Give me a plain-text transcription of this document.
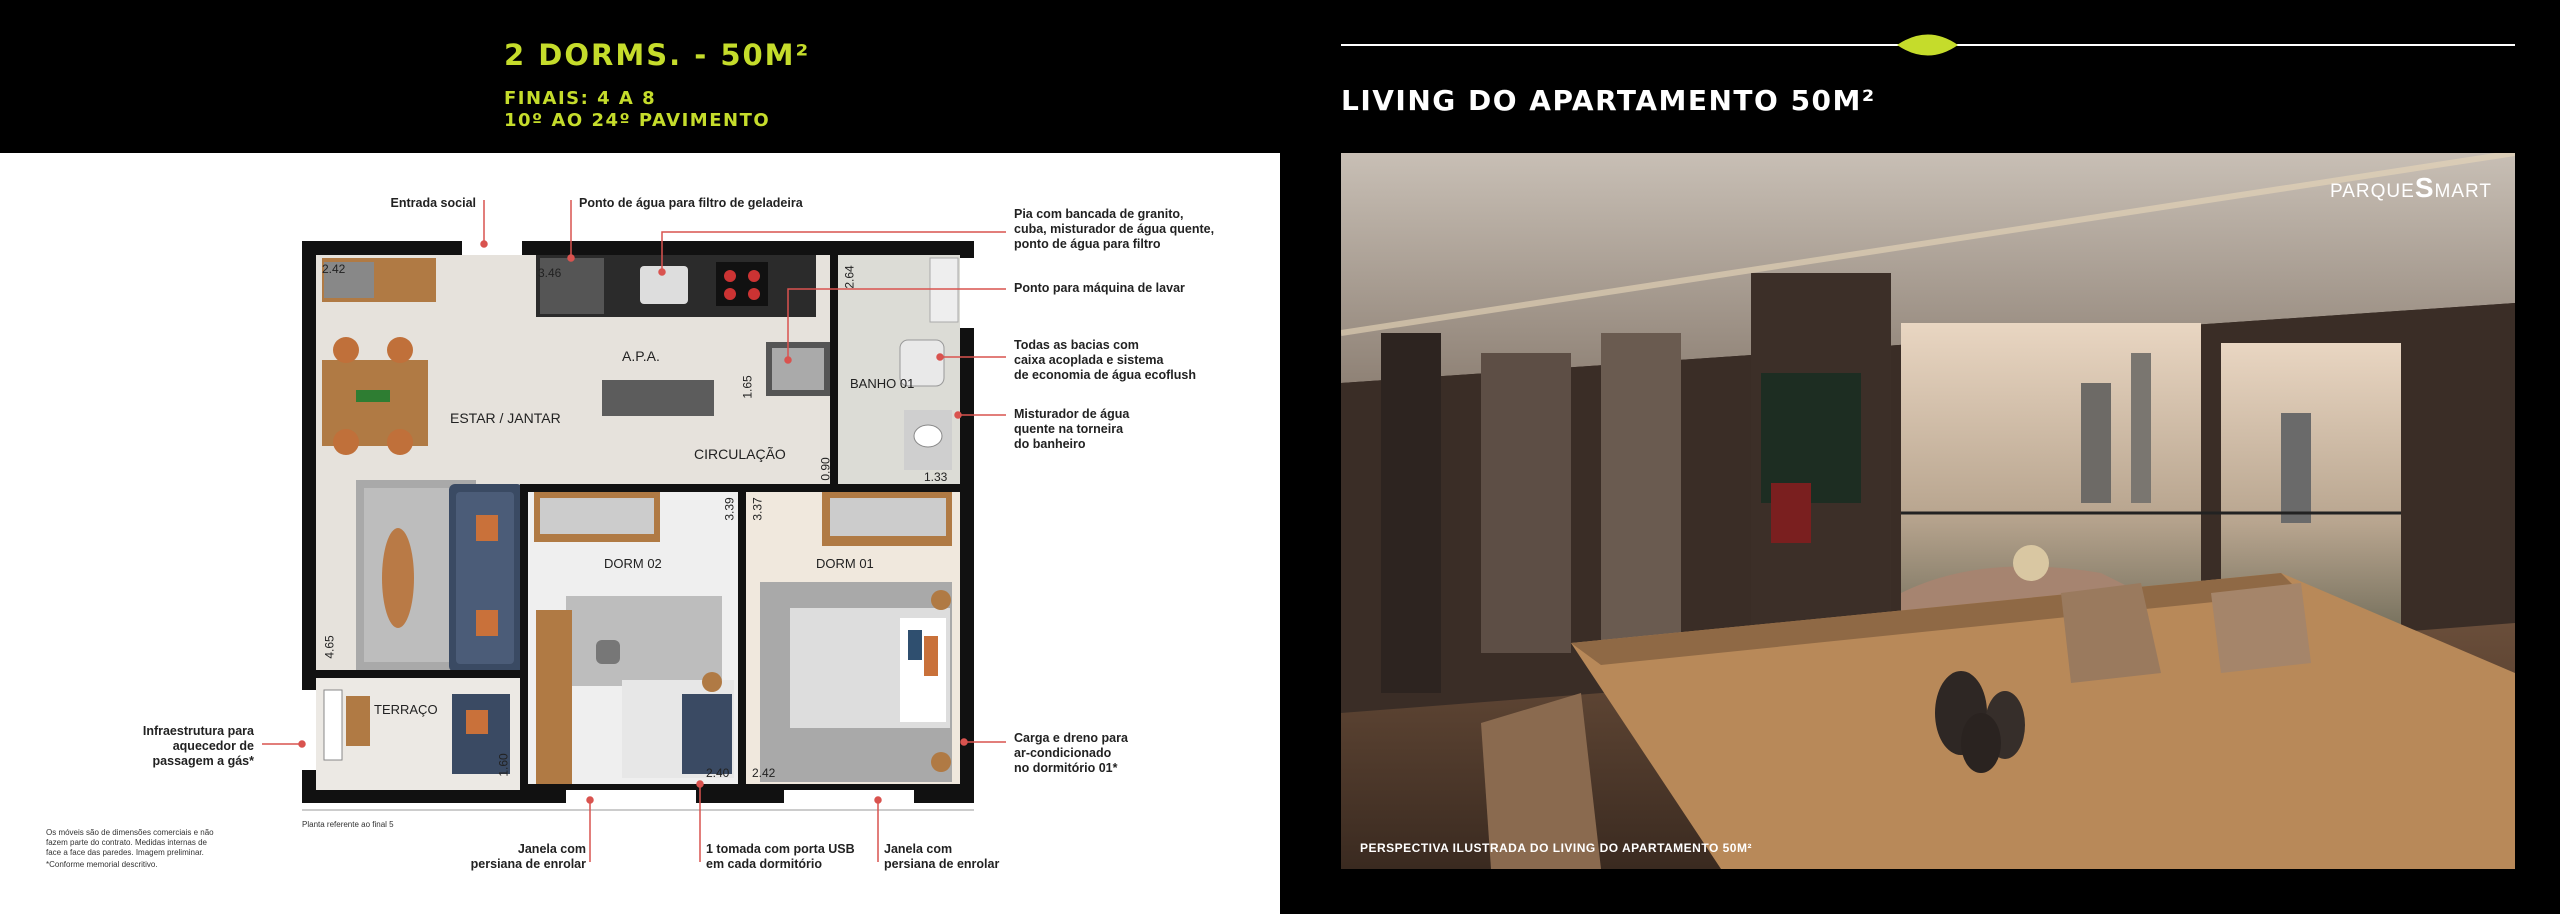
2 DORMS. - 50M²
FINAIS: 4 A 8
10º AO 24º PAVIMENTO
A.P.A.
ESTAR / JANTAR
BANHO 01
CIRCULAÇÃO
DORM 02	DORM 01
TERRAÇO
2.42	3.46	2.64
1.65
0.90	1.33
3.39 3.37
4.65
2.40 2.42
1.60
Entrada social	Ponto de água para filtro de geladeira
Pia com bancada de granito,
cuba, misturador de água quente,
ponto de água para filtro
Ponto para máquina de lavar
Todas as bacias com
caixa acoplada e sistema
de economia de água ecoflush
Misturador de água
quente na torneira
do banheiro
Carga e dreno para
ar-condicionado
no dormitório 01*
Infraestrutura para
aquecedor de
passagem a gás*
Janela com
persiana de enrolar
1 tomada com porta USB
em cada dormitório
Janela com
persiana de enrolar
Os móveis são de dimensões comerciais e não
fazem parte do contrato. Medidas internas de
face a face das paredes. Imagem preliminar.
*Conforme memorial descritivo.
Planta referente ao final 5
LIVING DO APARTAMENTO 50M²
PARQUESMART
PERSPECTIVA ILUSTRADA DO LIVING DO APARTAMENTO 50M²
